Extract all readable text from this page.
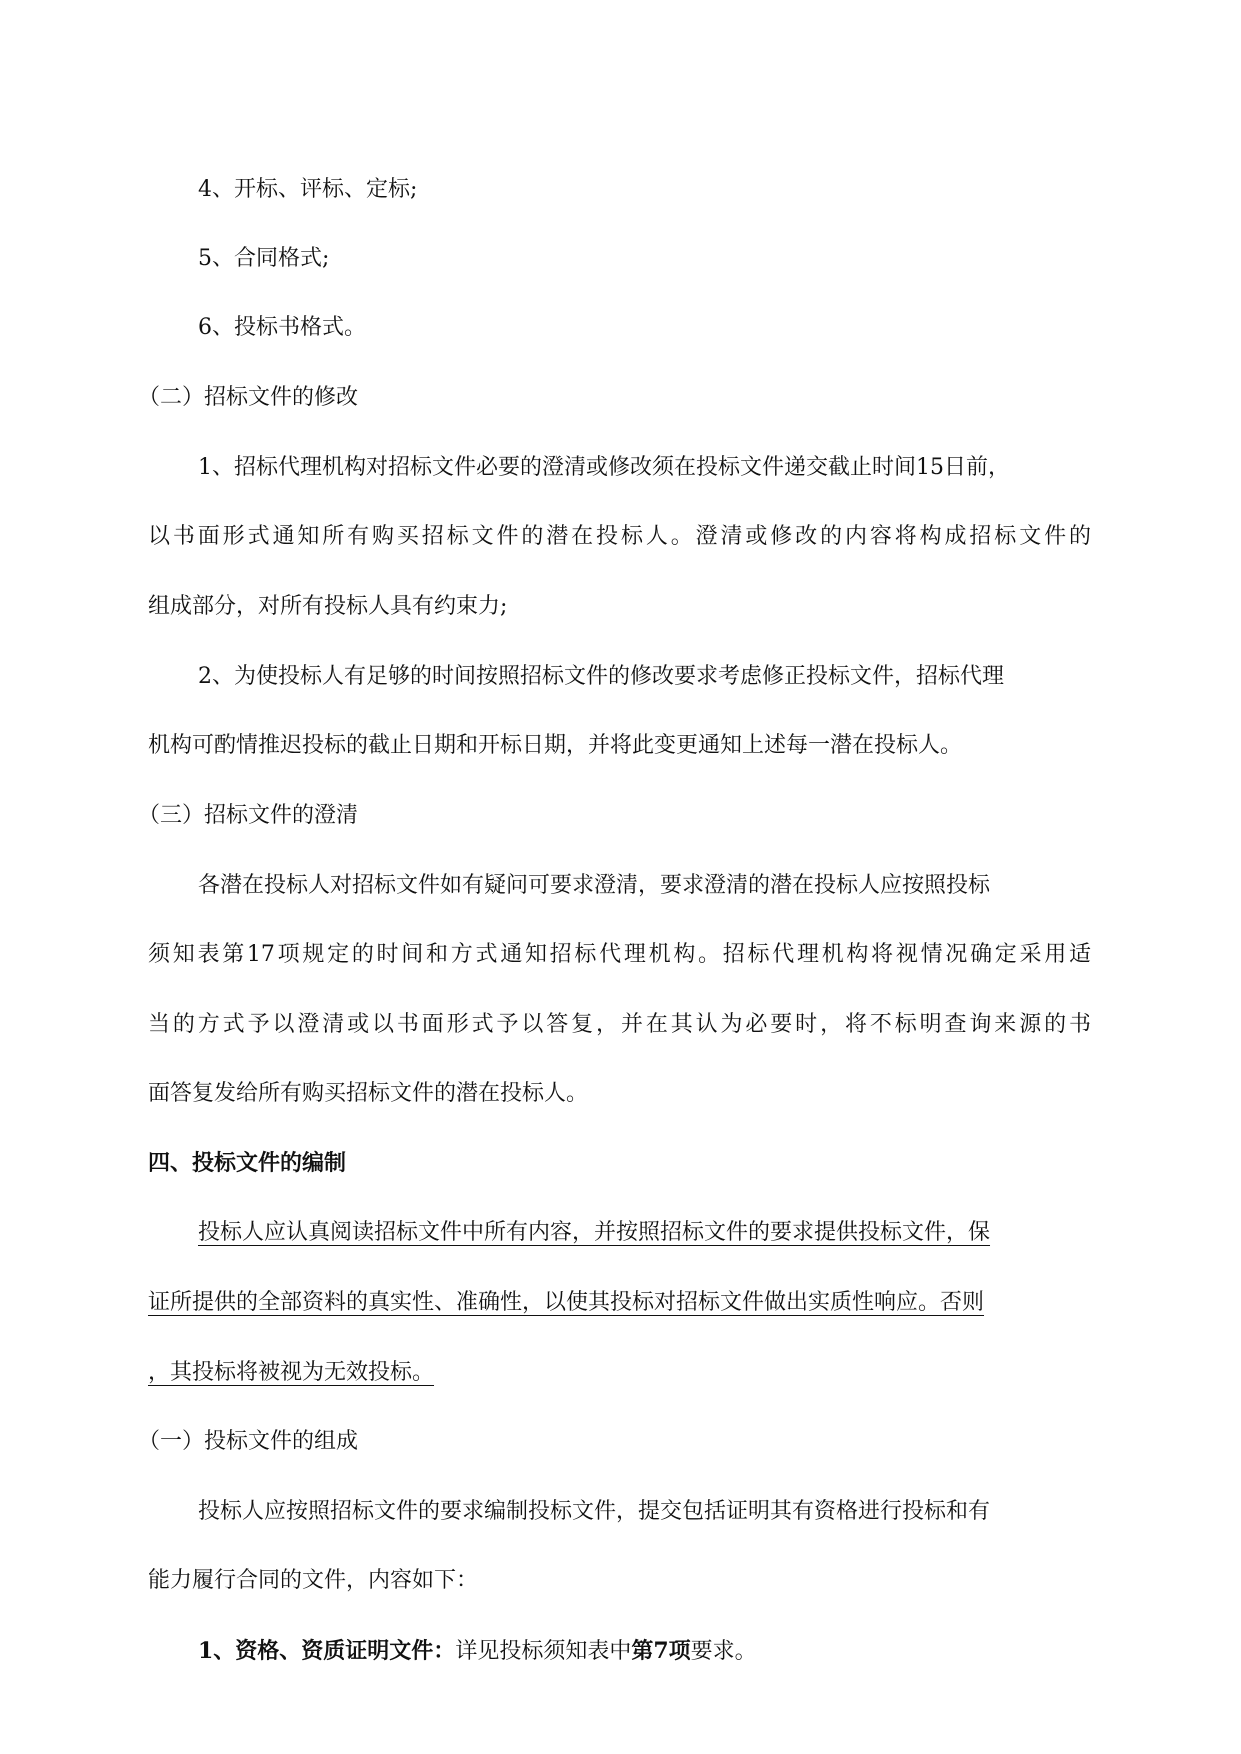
4、开标、评标、定标;
5、合同格式;
6、投标书格式。
（二）招标文件的修改
1、招标代理机构对招标文件必要的澄清或修改须在投标文件递交截止时间15日前，
以书面形式通知所有购买招标文件的潜在投标人。澄清或修改的内容将构成招标文件的
组成部分，对所有投标人具有约束力;
2、为使投标人有足够的时间按照招标文件的修改要求考虑修正投标文件，招标代理
机构可酌情推迟投标的截止日期和开标日期，并将此变更通知上述每一潜在投标人。
（三）招标文件的澄清
各潜在投标人对招标文件如有疑问可要求澄清，要求澄清的潜在投标人应按照投标
须知表第17项规定的时间和方式通知招标代理机构。招标代理机构将视情况确定采用适
当的方式予以澄清或以书面形式予以答复，并在其认为必要时，将不标明查询来源的书
面答复发给所有购买招标文件的潜在投标人。
四、投标文件的编制
投标人应认真阅读招标文件中所有内容，并按照招标文件的要求提供投标文件，保
证所提供的全部资料的真实性、准确性，以使其投标对招标文件做出实质性响应。否则
，其投标将被视为无效投标。
（一）投标文件的组成
投标人应按照招标文件的要求编制投标文件，提交包括证明其有资格进行投标和有
能力履行合同的文件，内容如下：
1、资格、资质证明文件：详见投标须知表中第7项要求。
